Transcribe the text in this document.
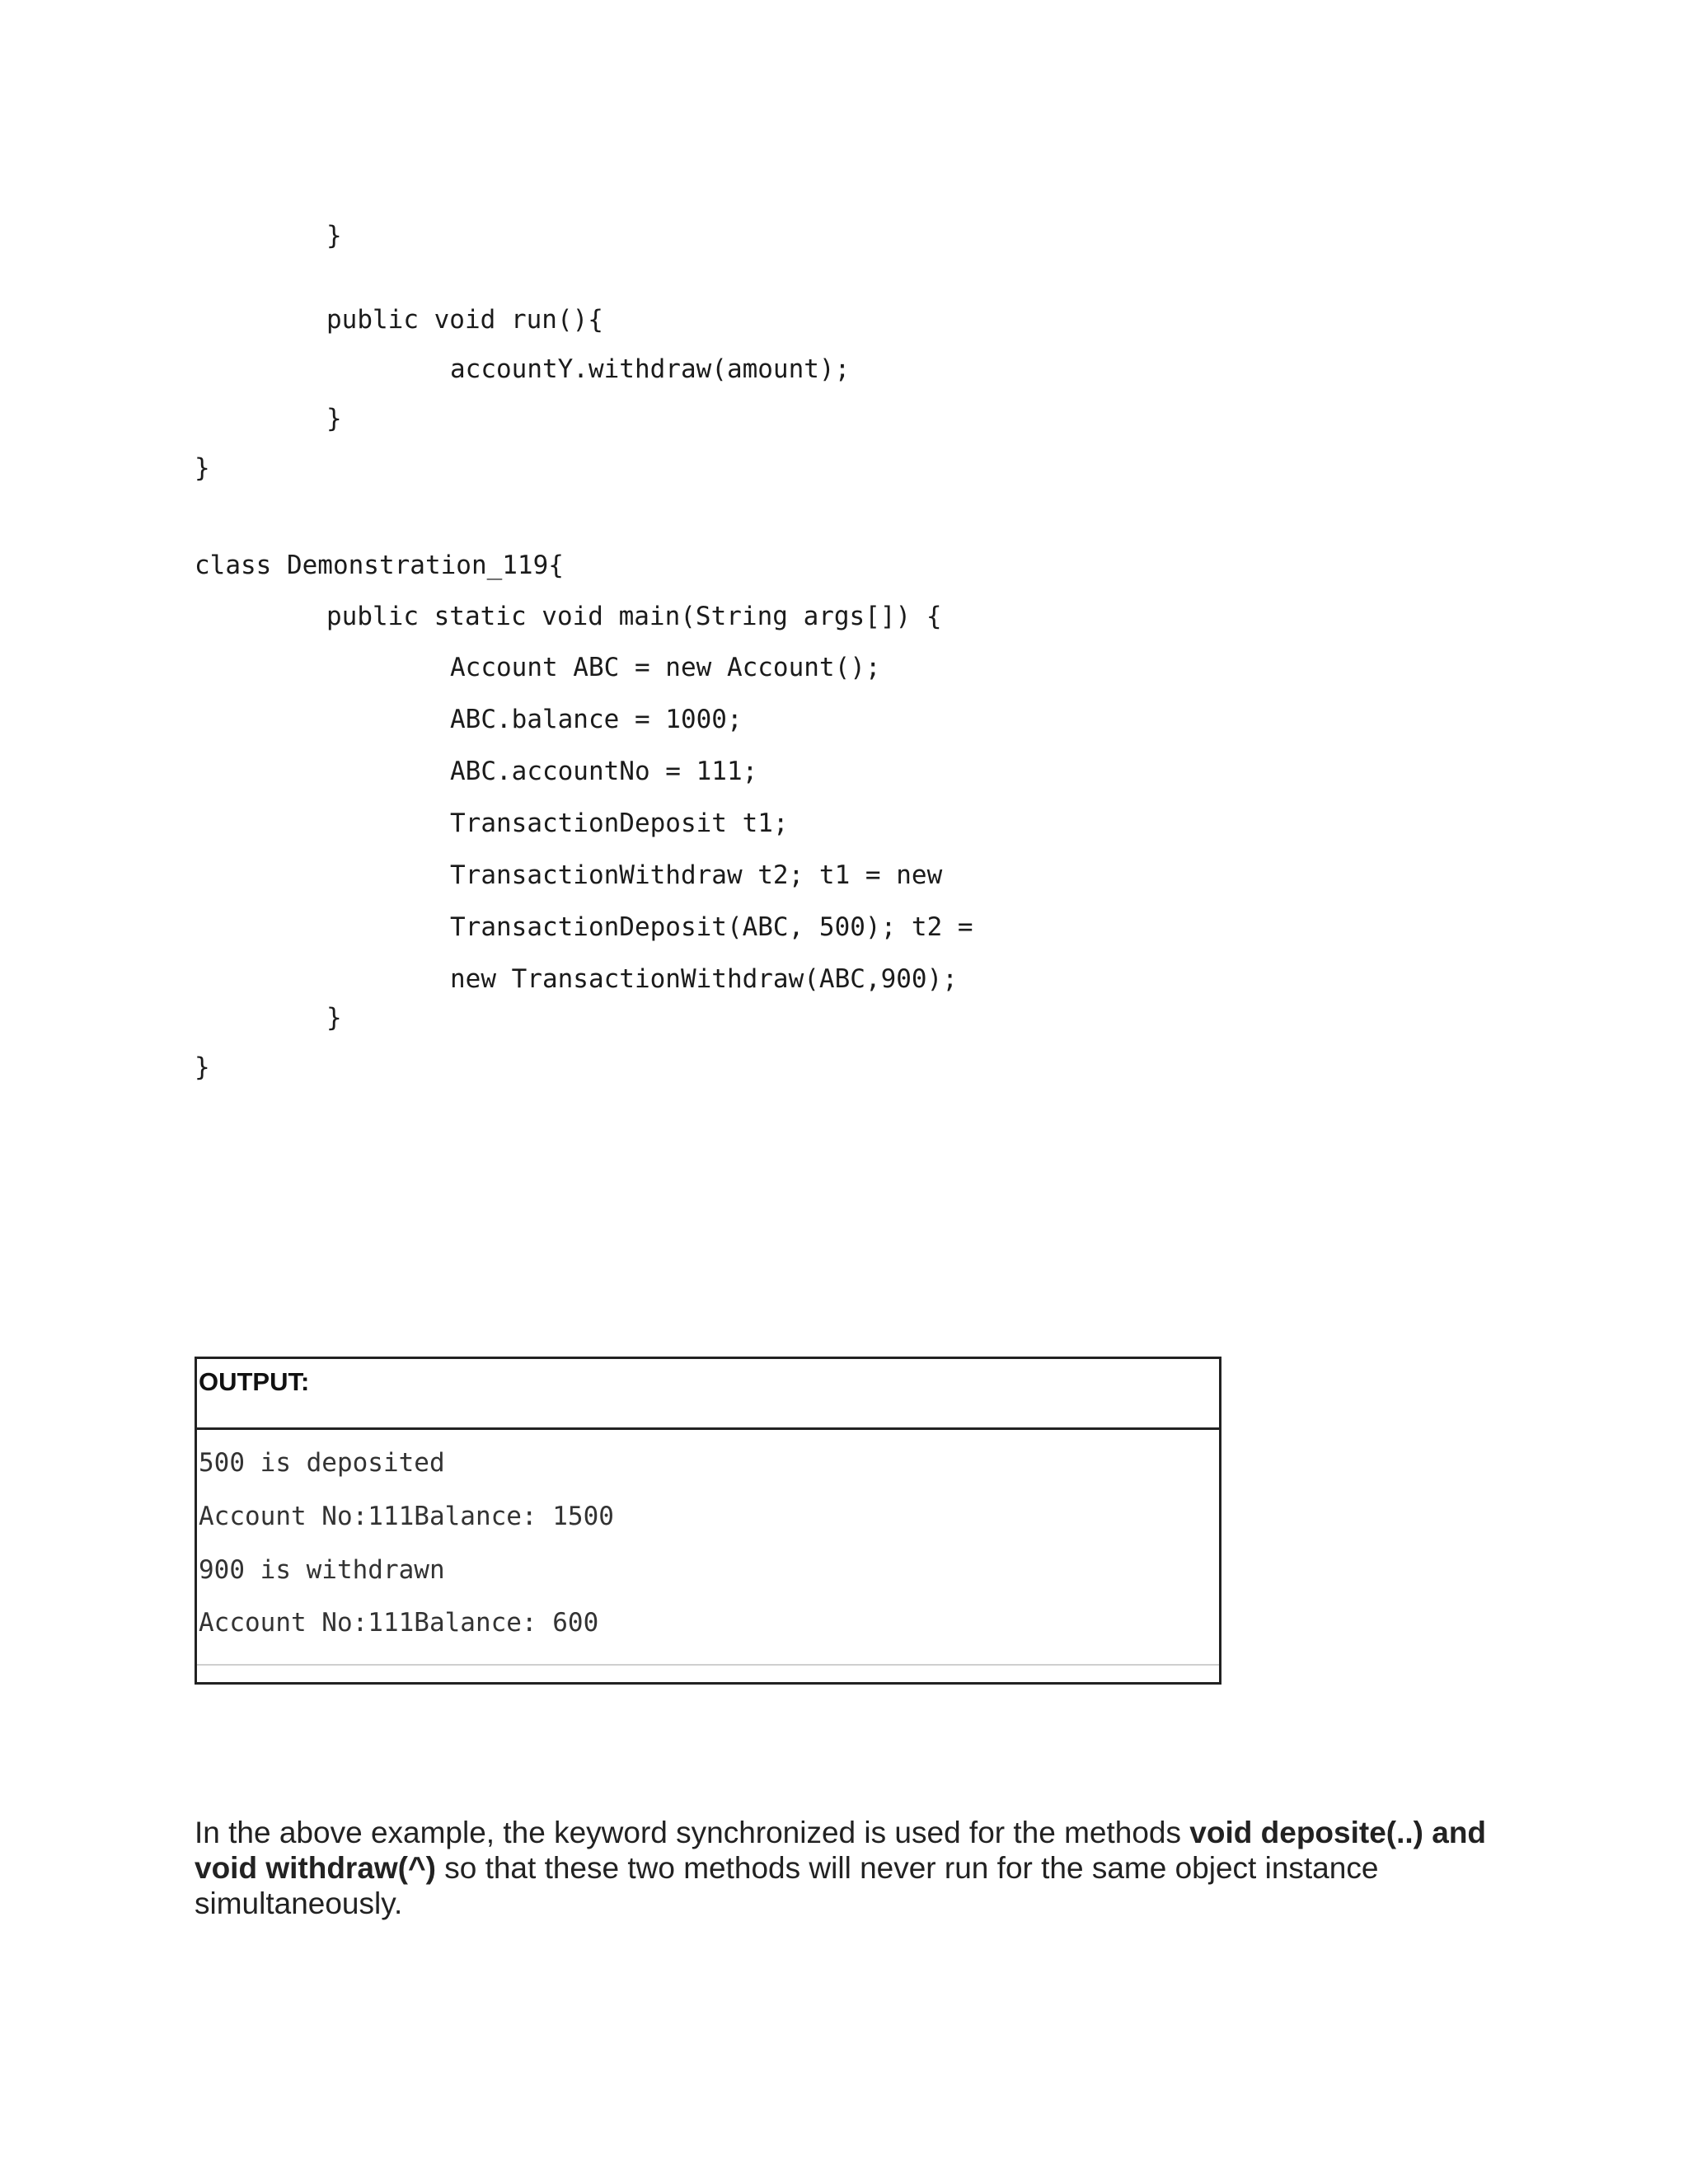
}
public void run(){
accountY.withdraw(amount);
}
}
class Demonstration_119{
public static void main(String args[]) {
Account ABC = new Account();
ABC.balance = 1000;
ABC.accountNo = 111;
TransactionDeposit t1;
TransactionWithdraw t2; t1 = new
TransactionDeposit(ABC, 500); t2 =
new TransactionWithdraw(ABC,900);
}
}
OUTPUT:
500 is deposited
Account No:111Balance: 1500
900 is withdrawn
Account No:111Balance: 600
In the above example, the keyword synchronized is used for the methods void deposite(..) and void withdraw(^) so that these two methods will never run for the same object instance simultaneously.
